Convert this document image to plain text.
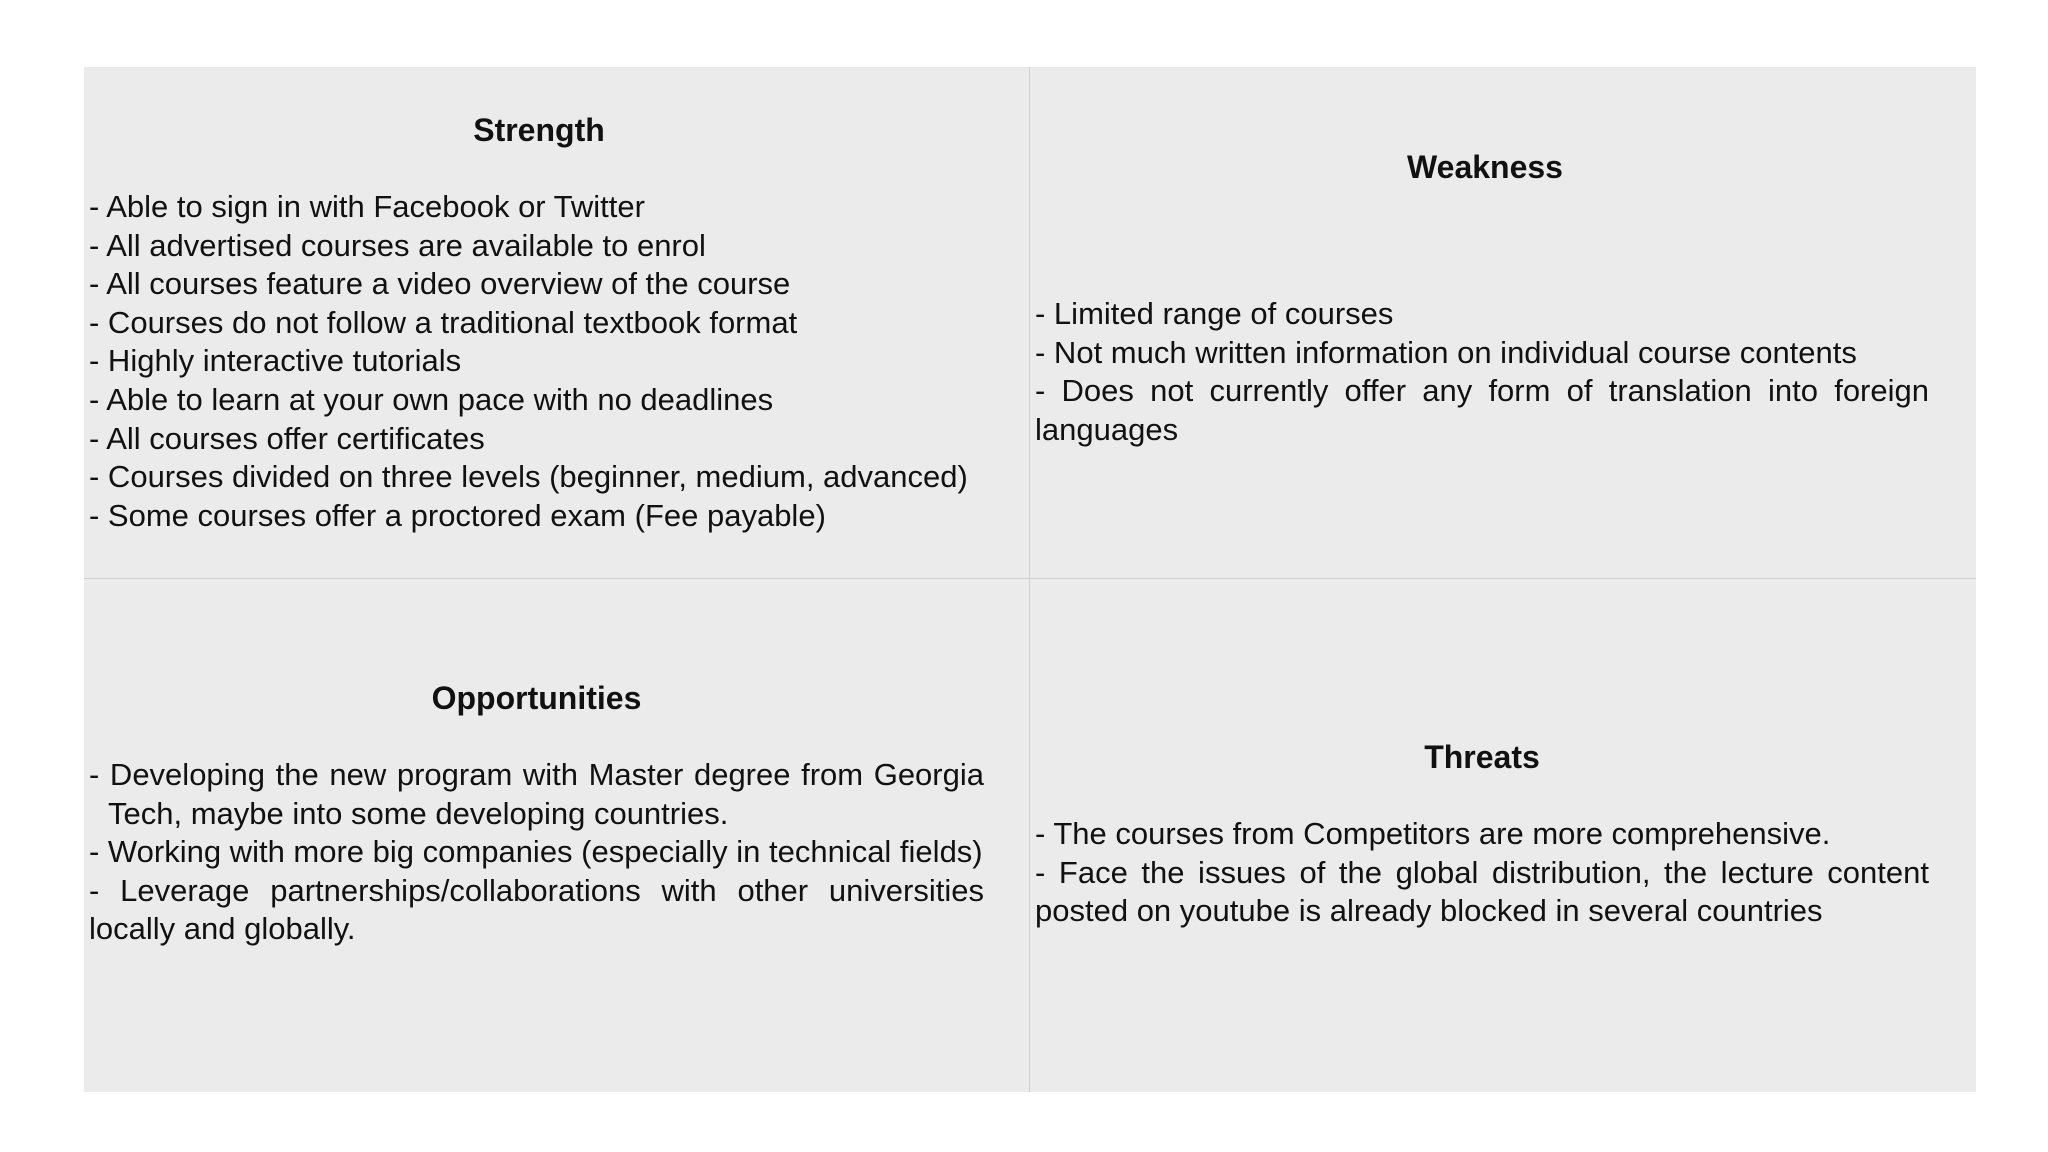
Strength
- Able to sign in with Facebook or Twitter
- All advertised courses are available to enrol
- All courses feature a video overview of the course
- Courses do not follow a traditional textbook format
- Highly interactive tutorials
- Able to learn at your own pace with no deadlines
- All courses offer certificates
- Courses divided on three levels (beginner, medium, advanced)
- Some courses offer a proctored exam (Fee payable)
Weakness
- Limited range of courses
- Not much written information on individual course contents
- Does not currently offer any form of translation into foreign languages
Opportunities
- Developing the new program with Master degree from Georgia Tech, maybe into some developing countries.
- Working with more big companies (especially in technical fields)
- Leverage partnerships/collaborations with other universities locally and globally.
Threats
- The courses from Competitors are more comprehensive.
- Face the issues of the global distribution, the lecture content posted on youtube is already blocked in several countries
